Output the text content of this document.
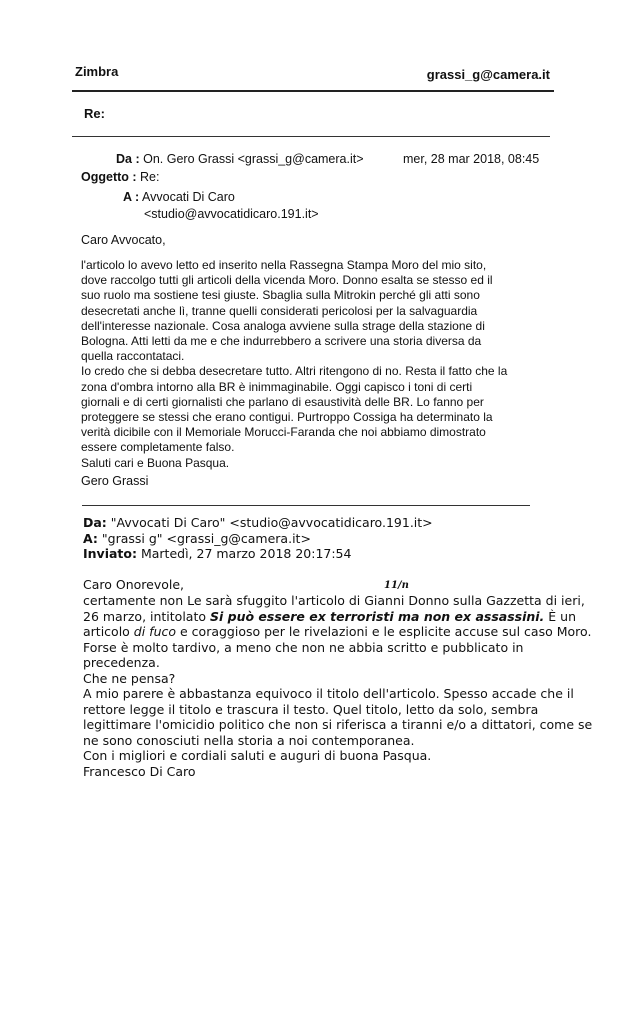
Zimbra	grassi_g@camera.it
Re:
Da : On. Gero Grassi <grassi_g@camera.it>	mer, 28 mar 2018, 08:45
Oggetto : Re:
A : Avvocati Di Caro
<studio@avvocatidicaro.191.it>
Caro Avvocato,
l'articolo lo avevo letto ed inserito nella Rassegna Stampa Moro del mio sito,
dove raccolgo tutti gli articoli della vicenda Moro. Donno esalta se stesso ed il
suo ruolo ma sostiene tesi giuste. Sbaglia sulla Mitrokin perché gli atti sono
desecretati anche lì, tranne quelli considerati pericolosi per la salvaguardia
dell'interesse nazionale. Cosa analoga avviene sulla strage della stazione di
Bologna. Atti letti da me e che indurrebbero a scrivere una storia diversa da
quella raccontataci.
Io credo che si debba desecretare tutto. Altri ritengono di no. Resta il fatto che la
zona d'ombra intorno alla BR è inimmaginabile. Oggi capisco i toni di certi
giornali e di certi giornalisti che parlano di esaustività delle BR. Lo fanno per
proteggere se stessi che erano contigui. Purtroppo Cossiga ha determinato la
verità dicibile con il Memoriale Morucci-Faranda che noi abbiamo dimostrato
essere completamente falso.
Saluti cari e Buona Pasqua.
Gero Grassi
Da: "Avvocati Di Caro" <studio@avvocatidicaro.191.it>
A: "grassi g" <grassi_g@camera.it>
Inviato: Martedì, 27 marzo 2018 20:17:54
Caro Onorevole,	11/n
certamente non Le sarà sfuggito l'articolo di Gianni Donno sulla Gazzetta di ieri,
26 marzo, intitolato Si può essere ex terroristi ma non ex assassini. È un
articolo di fuco e coraggioso per le rivelazioni e le esplicite accuse sul caso Moro.
Forse è molto tardivo, a meno che non ne abbia scritto e pubblicato in
precedenza.
Che ne pensa?
A mio parere è abbastanza equivoco il titolo dell'articolo. Spesso accade che il
rettore legge il titolo e trascura il testo. Quel titolo, letto da solo, sembra
legittimare l'omicidio politico che non si riferisca a tiranni e/o a dittatori, come se
ne sono conosciuti nella storia a noi contemporanea.
Con i migliori e cordiali saluti e auguri di buona Pasqua.
Francesco Di Caro
